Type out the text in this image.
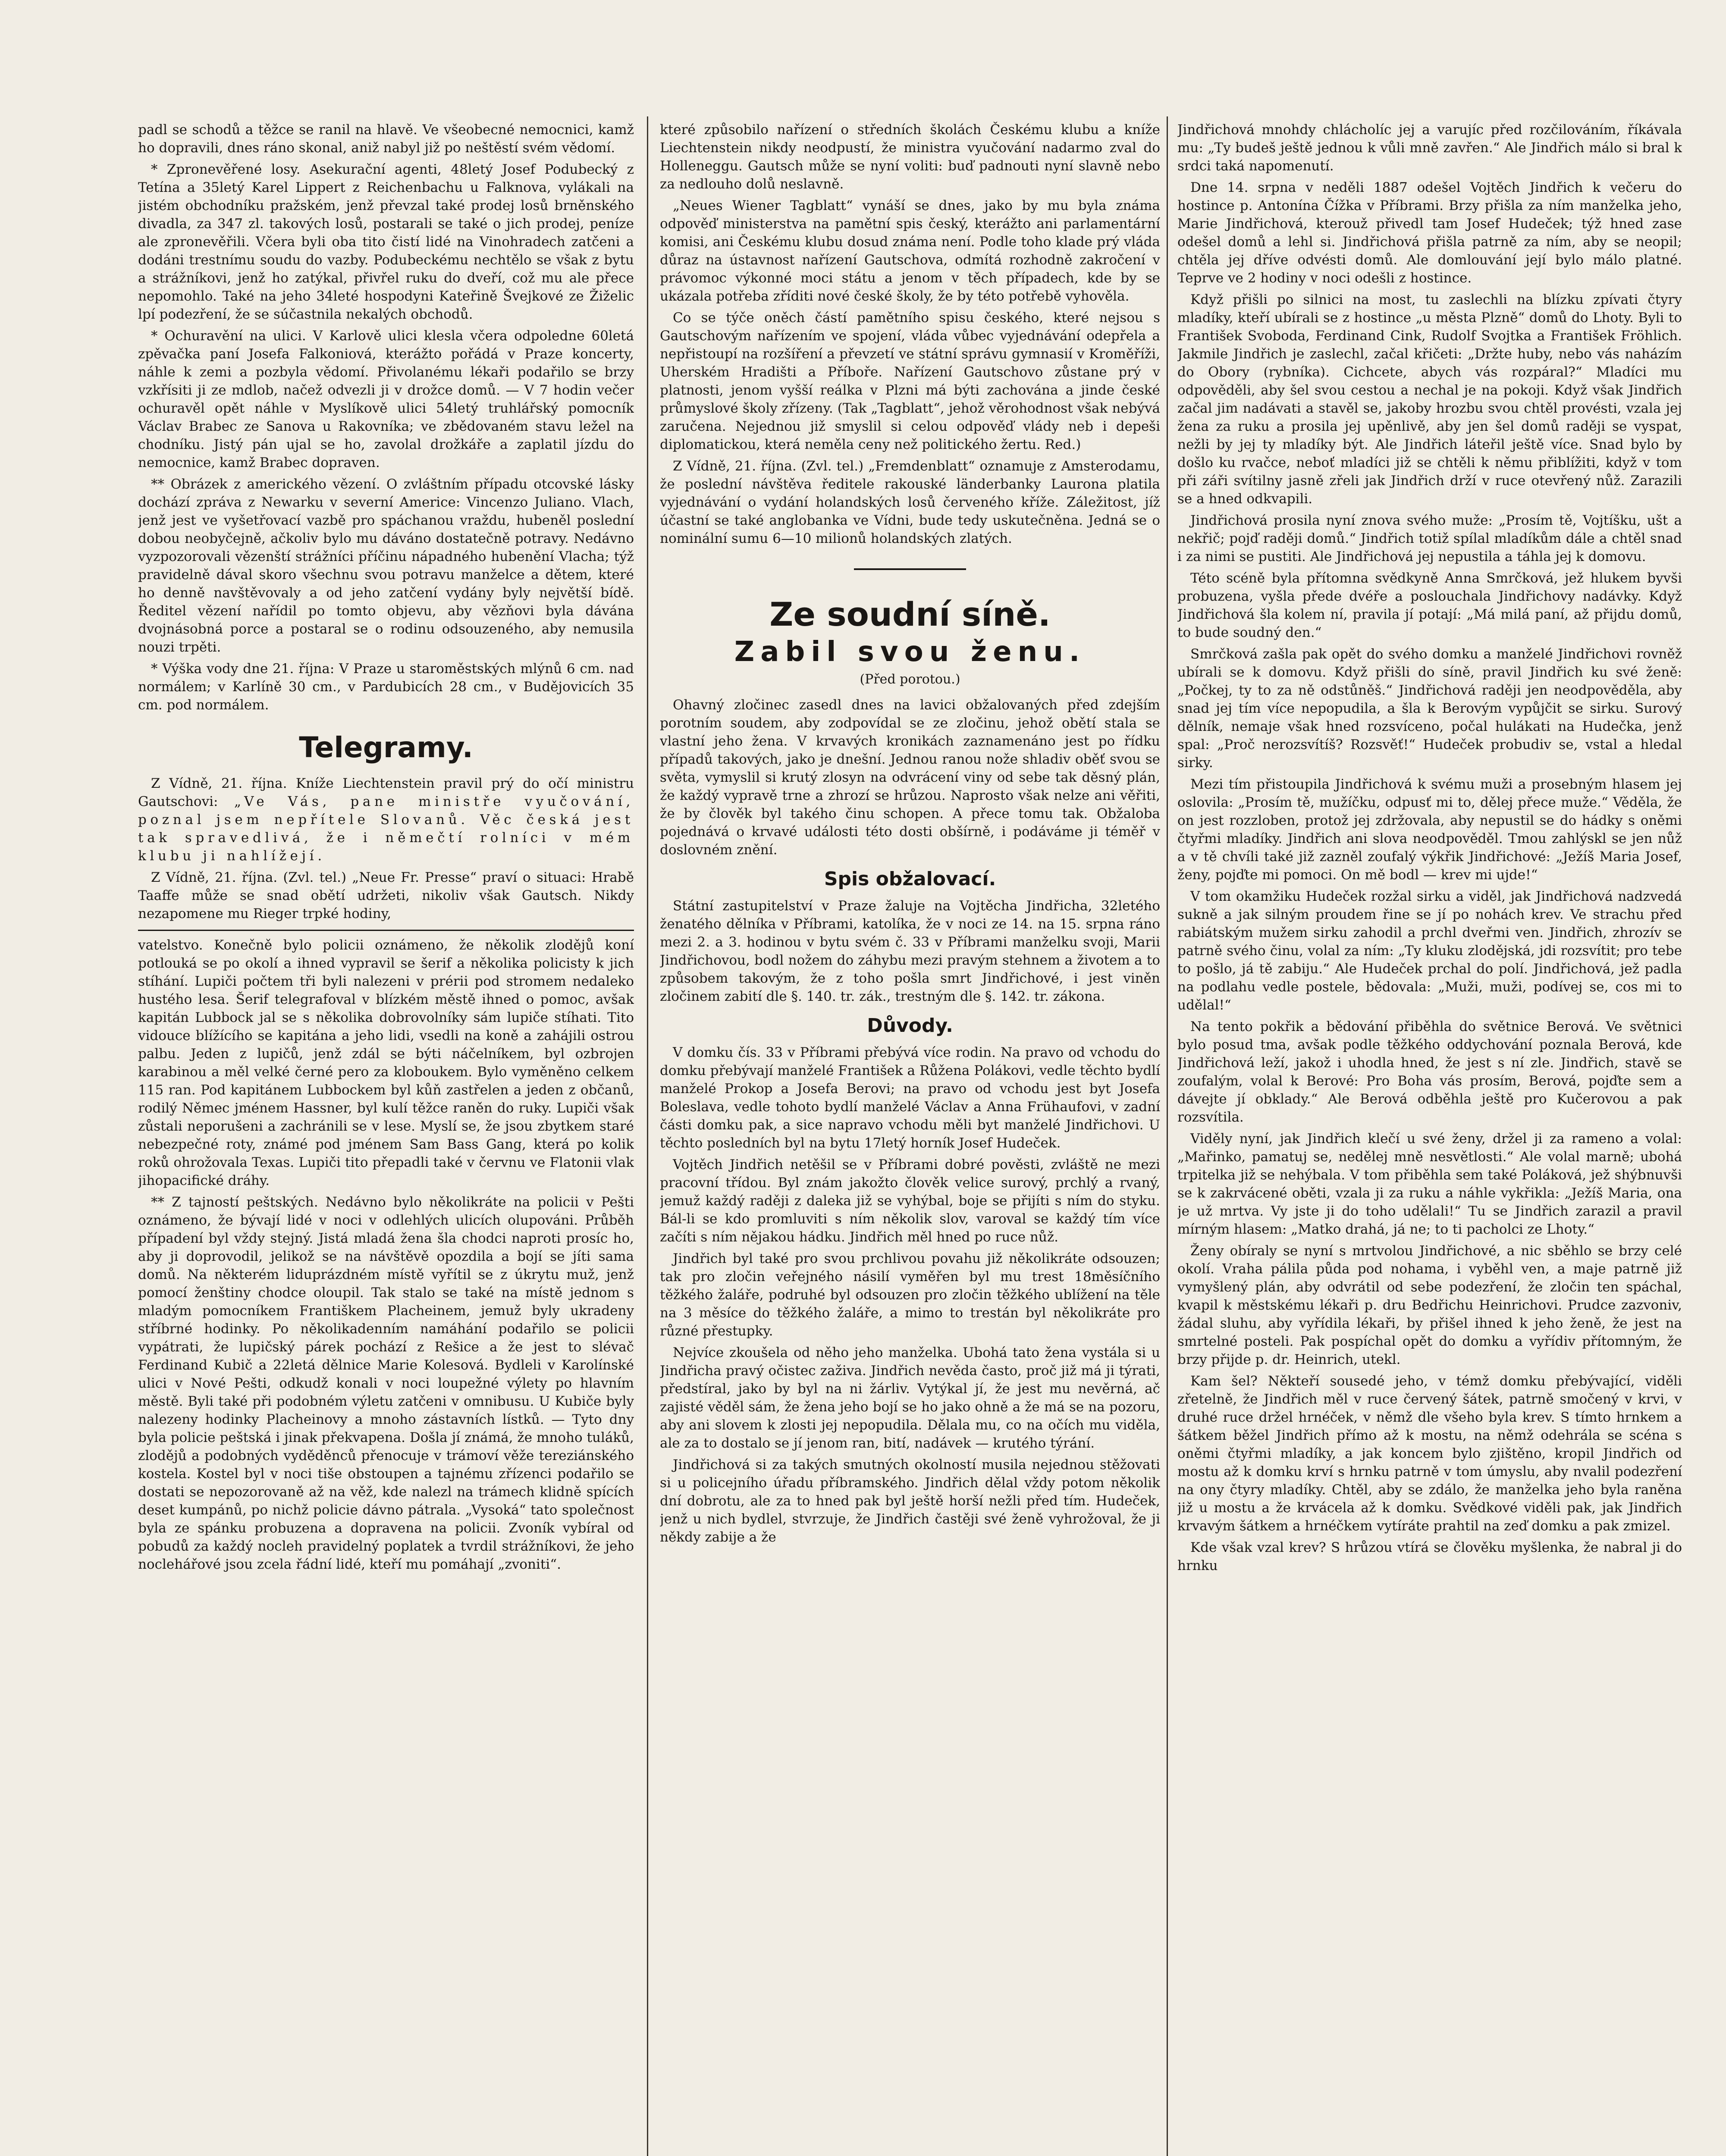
padl se schodů a těžce se ranil na hlavě. Ve všeobecné nemocnici, kamž ho dopravili, dnes ráno skonal, aniž nabyl již po neštěstí svém vědomí.

* Zpronevěřené losy. Asekurační agenti, 48letý Josef Podubecký z Tetína a 35letý Karel Lippert z Reichenbachu u Falknova, vylákali na jistém obchodníku pražském, jenž převzal také prodej losů brněnského divadla, za 347 zl. takových losů, postarali se také o jich prodej, peníze ale zpronevěřili. Včera byli oba tito čistí lidé na Vinohradech zatčeni a dodáni trestnímu soudu do vazby. Podubeckému nechtělo se však z bytu a strážníkovi, jenž ho zatýkal, přivřel ruku do dveří, což mu ale přece nepomohlo. Také na jeho 34leté hospodyni Kateřině Švejkové ze Žiželic lpí podezření, že se súčastnila nekalých obchodů.

* Ochuravění na ulici. V Karlově ulici klesla včera odpoledne 60letá zpěvačka paní Josefa Falkoniová, kterážto pořádá v Praze koncerty, náhle k zemi a pozbyla vědomí. Přivolanému lékaři podařilo se brzy vzkřísiti ji ze mdlob, načež odvezli ji v drožce domů. — V 7 hodin večer ochuravěl opět náhle v Myslíkově ulici 54letý truhlářský pomocník Václav Brabec ze Sanova u Rakovníka; ve zbědovaném stavu ležel na chodníku. Jistý pán ujal se ho, zavolal drožkáře a zaplatil jízdu do nemocnice, kamž Brabec dopraven.

** Obrázek z amerického vězení. O zvláštním případu otcovské lásky dochází zpráva z Newarku v severní Americe: Vincenzo Juliano. Vlach, jenž jest ve vyšetřovací vazbě pro spáchanou vraždu, hubeněl poslední dobou neobyčejně, ačkoliv bylo mu dáváno dostatečně potravy. Nedávno vyzpozorovali vězenští strážníci příčinu nápadného hubenění Vlacha; týž pravidelně dával skoro všechnu svou potravu manželce a dětem, které ho denně navštěvovaly a od jeho zatčení vydány byly největší bídě. Ředitel vězení nařídil po tomto objevu, aby vězňovi byla dávána dvojnásobná porce a postaral se o rodinu odsouzeného, aby nemusila nouzi trpěti.

* Výška vody dne 21. října: V Praze u staroměstských mlýnů 6 cm. nad normálem; v Karlíně 30 cm., v Pardubicích 28 cm., v Budějovicích 35 cm. pod normálem.

Telegramy.

Z Vídně, 21. října. Kníže Liechtenstein pravil prý do očí ministru Gautschovi: „Ve Vás, pane ministře vyučování, poznal jsem nepřítele Slovanů. Věc česká jest tak spravedlivá, že i němečtí rolníci v mém klubu ji nahlížejí.

Z Vídně, 21. října. (Zvl. tel.) „Neue Fr. Presse“ praví o situaci: Hrabě Taaffe může se snad obětí udržeti, nikoliv však Gautsch. Nikdy nezapomene mu Rieger trpké hodiny,

vatelstvo. Konečně bylo policii oznámeno, že několik zlodějů koní potlouká se po okolí a ihned vypravil se šerif a několika policisty k jich stíhání. Lupiči počtem tři byli nalezeni v prérii pod stromem nedaleko hustého lesa. Šerif telegrafoval v blízkém městě ihned o pomoc, avšak kapitán Lubbock jal se s několika dobrovolníky sám lupiče stíhati. Tito vidouce blížícího se kapitána a jeho lidi, vsedli na koně a zahájili ostrou palbu. Jeden z lupičů, jenž zdál se býti náčelníkem, byl ozbrojen karabinou a měl velké černé pero za kloboukem. Bylo vyměněno celkem 115 ran. Pod kapitánem Lubbockem byl kůň zastřelen a jeden z občanů, rodilý Němec jménem Hassner, byl kulí těžce raněn do ruky. Lupiči však zůstali neporušeni a zachránili se v lese. Myslí se, že jsou zbytkem staré nebezpečné roty, známé pod jménem Sam Bass Gang, která po kolik roků ohrožovala Texas. Lupiči tito přepadli také v červnu ve Flatonii vlak jihopacifické dráhy.

** Z tajností peštských. Nedávno bylo několikráte na policii v Pešti oznámeno, že bývají lidé v noci v odlehlých ulicích olupováni. Průběh případení byl vždy stejný. Jistá mladá žena šla chodci naproti prosíc ho, aby ji doprovodil, jelikož se na návštěvě opozdila a bojí se jíti sama domů. Na některém liduprázdném místě vyřítil se z úkrytu muž, jenž pomocí ženštiny chodce oloupil. Tak stalo se také na místě jednom s mladým pomocníkem Františkem Placheinem, jemuž byly ukradeny stříbrné hodinky. Po několikadenním namáhání podařilo se policii vypátrati, že lupičský párek pochází z Rešice a že jest to slévač Ferdinand Kubič a 22letá dělnice Marie Kolesová. Bydleli v Karolínské ulici v Nové Pešti, odkudž konali v noci loupežné výlety po hlavním městě. Byli také při podobném výletu zatčeni v omnibusu. U Kubiče byly nalezeny hodinky Placheinovy a mnoho zástavních lístků. — Tyto dny byla policie peštská i jinak překvapena. Došla jí známá, že mnoho tuláků, zlodějů a podobných vyděděnců přenocuje v trámoví věže tereziánského kostela. Kostel byl v noci tiše obstoupen a tajnému zřízenci podařilo se dostati se nepozorovaně až na věž, kde nalezl na trámech klidně spících deset kumpánů, po nichž policie dávno pátrala. „Vysoká“ tato společnost byla ze spánku probuzena a dopravena na policii. Zvoník vybíral od pobudů za každý nocleh pravidelný poplatek a tvrdil strážníkovi, že jeho noclehářové jsou zcela řádní lidé, kteří mu pomáhají „zvoniti“.

které způsobilo nařízení o středních školách Českému klubu a kníže Liechtenstein nikdy neodpustí, že ministra vyučování nadarmo zval do Holleneggu. Gautsch může se nyní voliti: buď padnouti nyní slavně nebo za nedlouho dolů neslavně.

„Neues Wiener Tagblatt“ vynáší se dnes, jako by mu byla známa odpověď ministerstva na pamětní spis český, kterážto ani parlamentární komisi, ani Českému klubu dosud známa není. Podle toho klade prý vláda důraz na ústavnost nařízení Gautschova, odmítá rozhodně zakročení v právomoc výkonné moci státu a jenom v těch případech, kde by se ukázala potřeba zříditi nové české školy, že by této potřebě vyhověla.

Co se týče oněch částí pamětního spisu českého, které nejsou s Gautschovým nařízením ve spojení, vláda vůbec vyjednávání odepřela a nepřistoupí na rozšíření a převzetí ve státní správu gymnasií v Kroměříži, Uherském Hradišti a Příboře. Nařízení Gautschovo zůstane prý v platnosti, jenom vyšší reálka v Plzni má býti zachována a jinde české průmyslové školy zřízeny. (Tak „Tagblatt“, jehož věrohodnost však nebývá zaručena. Nejednou již smyslil si celou odpověď vlády neb i depeši diplomatickou, která neměla ceny než politického žertu. Red.)

Z Vídně, 21. října. (Zvl. tel.) „Fremdenblatt“ oznamuje z Amsterodamu, že poslední návštěva ředitele rakouské länderbanky Laurona platila vyjednávání o vydání holandských losů červeného kříže. Záležitost, jíž účastní se také anglobanka ve Vídni, bude tedy uskutečněna. Jedná se o nominální sumu 6—10 milionů holandských zlatých.

Ze soudní síně.
Zabil svou ženu.
(Před porotou.)

Ohavný zločinec zasedl dnes na lavici obžalovaných před zdejším porotním soudem, aby zodpovídal se ze zločinu, jehož obětí stala se vlastní jeho žena. V krvavých kronikách zaznamenáno jest po řídku případů takových, jako je dnešní. Jednou ranou nože shladiv oběť svou se světa, vymyslil si krutý zlosyn na odvrácení viny od sebe tak děsný plán, že každý vypravě trne a zhrozí se hrůzou. Naprosto však nelze ani věřiti, že by člověk byl takého činu schopen. A přece tomu tak. Obžaloba pojednává o krvavé události této dosti obšírně, i podáváme ji téměř v doslovném znění.

Spis obžalovací.

Státní zastupitelství v Praze žaluje na Vojtěcha Jindřicha, 32letého ženatého dělníka v Příbrami, katolíka, že v noci ze 14. na 15. srpna ráno mezi 2. a 3. hodinou v bytu svém č. 33 v Příbrami manželku svoji, Marii Jindřichovou, bodl nožem do záhybu mezi pravým stehnem a životem a to způsobem takovým, že z toho pošla smrt Jindřichové, i jest viněn zločinem zabití dle §. 140. tr. zák., trestným dle §. 142. tr. zákona.

Důvody.

V domku čís. 33 v Příbrami přebývá více rodin. Na pravo od vchodu do domku přebývají manželé František a Růžena Polákovi, vedle těchto bydlí manželé Prokop a Josefa Berovi; na pravo od vchodu jest byt Josefa Boleslava, vedle tohoto bydlí manželé Václav a Anna Frühaufovi, v zadní části domku pak, a sice napravo vchodu měli byt manželé Jindřichovi. U těchto posledních byl na bytu 17letý horník Josef Hudeček.

Vojtěch Jindřich netěšil se v Příbrami dobré pověsti, zvláště ne mezi pracovní třídou. Byl znám jakožto člověk velice surový, prchlý a rvaný, jemuž každý raději z daleka již se vyhýbal, boje se přijíti s ním do styku. Bál-li se kdo promluviti s ním několik slov, varoval se každý tím více začíti s ním nějakou hádku. Jindřich měl hned po ruce nůž.

Jindřich byl také pro svou prchlivou povahu již několikráte odsouzen; tak pro zločin veřejného násilí vyměřen byl mu trest 18měsíčního těžkého žaláře, podruhé byl odsouzen pro zločin těžkého ublížení na těle na 3 měsíce do těžkého žaláře, a mimo to trestán byl několikráte pro různé přestupky.

Nejvíce zkoušela od něho jeho manželka. Ubohá tato žena vystála si u Jindřicha pravý očistec zaživa. Jindřich nevěda často, proč již má ji týrati, předstíral, jako by byl na ni žárliv. Vytýkal jí, že jest mu nevěrná, ač zajisté věděl sám, že žena jeho bojí se ho jako ohně a že má se na pozoru, aby ani slovem k zlosti jej nepopudila. Dělala mu, co na očích mu viděla, ale za to dostalo se jí jenom ran, bití, nadávek — krutého týrání.

Jindřichová si za takých smutných okolností musila nejednou stěžovati si u policejního úřadu příbramského. Jindřich dělal vždy potom několik dní dobrotu, ale za to hned pak byl ještě horší nežli před tím. Hudeček, jenž u nich bydlel, stvrzuje, že Jindřich častěji své ženě vyhrožoval, že ji někdy zabije a že

Jindřichová mnohdy chlácholíc jej a varujíc před rozčilováním, říkávala mu: „Ty budeš ještě jednou k vůli mně zavřen.“ Ale Jindřich málo si bral k srdci taká napomenutí.

Dne 14. srpna v neděli 1887 odešel Vojtěch Jindřich k večeru do hostince p. Antonína Čížka v Příbrami. Brzy přišla za ním manželka jeho, Marie Jindřichová, kterouž přivedl tam Josef Hudeček; týž hned zase odešel domů a lehl si. Jindřichová přišla patrně za ním, aby se neopil; chtěla jej dříve odvésti domů. Ale domlouvání její bylo málo platné. Teprve ve 2 hodiny v noci odešli z hostince.

Když přišli po silnici na most, tu zaslechli na blízku zpívati čtyry mladíky, kteří ubírali se z hostince „u města Plzně“ domů do Lhoty. Byli to František Svoboda, Ferdinand Cink, Rudolf Svojtka a František Fröhlich. Jakmile Jindřich je zaslechl, začal křičeti: „Držte huby, nebo vás naházím do Obory (rybníka). Cichcete, abych vás rozpáral?“ Mladíci mu odpověděli, aby šel svou cestou a nechal je na pokoji. Když však Jindřich začal jim nadávati a stavěl se, jakoby hrozbu svou chtěl provésti, vzala jej žena za ruku a prosila jej upěnlivě, aby jen šel domů raději se vyspat, nežli by jej ty mladíky být. Ale Jindřich láteřil ještě více. Snad bylo by došlo ku rvačce, neboť mladíci již se chtěli k němu přiblížiti, když v tom při záři svítilny jasně zřeli jak Jindřich drží v ruce otevřený nůž. Zarazili se a hned odkvapili.

Jindřichová prosila nyní znova svého muže: „Prosím tě, Vojtíšku, ušt a nekřič; pojď raději domů.“ Jindřich totiž spílal mladíkům dále a chtěl snad i za nimi se pustiti. Ale Jindřichová jej nepustila a táhla jej k domovu.

Této scéně byla přítomna svědkyně Anna Smrčková, jež hlukem byvši probuzena, vyšla přede dvéře a poslouchala Jindřichovy nadávky. Když Jindřichová šla kolem ní, pravila jí potají: „Má milá paní, až přijdu domů, to bude soudný den.“

Smrčková zašla pak opět do svého domku a manželé Jindřichovi rovněž ubírali se k domovu. Když přišli do síně, pravil Jindřich ku své ženě: „Počkej, ty to za ně odstůněš.“ Jindřichová raději jen neodpověděla, aby snad jej tím více nepopudila, a šla k Berovým vypůjčit se sirku. Surový dělník, nemaje však hned rozsvíceno, počal hulákati na Hudečka, jenž spal: „Proč nerozsvítíš? Rozsvěť!“ Hudeček probudiv se, vstal a hledal sirky.

Mezi tím přistoupila Jindřichová k svému muži a prosebným hlasem jej oslovila: „Prosím tě, mužíčku, odpusť mi to, dělej přece muže.“ Věděla, že on jest rozzloben, protož jej zdržovala, aby nepustil se do hádky s oněmi čtyřmi mladíky. Jindřich ani slova neodpověděl. Tmou zahlýskl se jen nůž a v tě chvíli také již zazněl zoufalý výkřik Jindřichové: „Ježíš Maria Josef, ženy, pojďte mi pomoci. On mě bodl — krev mi ujde!“

V tom okamžiku Hudeček rozžal sirku a viděl, jak Jindřichová nadzvedá sukně a jak silným proudem řine se jí po nohách krev. Ve strachu před rabiátským mužem sirku zahodil a prchl dveřmi ven. Jindřich, zhrozív se patrně svého činu, volal za ním: „Ty kluku zlodějská, jdi rozsvítit; pro tebe to pošlo, já tě zabiju.“ Ale Hudeček prchal do polí. Jindřichová, jež padla na podlahu vedle postele, bědovala: „Muži, muži, podívej se, cos mi to udělal!“

Na tento pokřik a bědování přiběhla do světnice Berová. Ve světnici bylo posud tma, avšak podle těžkého oddychování poznala Berová, kde Jindřichová leží, jakož i uhodla hned, že jest s ní zle. Jindřich, stavě se zoufalým, volal k Berové: Pro Boha vás prosím, Berová, pojďte sem a dávejte jí obklady.“ Ale Berová odběhla ještě pro Kučerovou a pak rozsvítila.

Viděly nyní, jak Jindřich klečí u své ženy, držel ji za rameno a volal: „Mařinko, pamatuj se, nedělej mně nesvětlosti.“ Ale volal marně; ubohá trpitelka již se nehýbala. V tom přiběhla sem také Poláková, jež shýbnuvši se k zakrvácené oběti, vzala ji za ruku a náhle vykřikla: „Ježíš Maria, ona je už mrtva. Vy jste ji do toho udělali!“ Tu se Jindřich zarazil a pravil mírným hlasem: „Matko drahá, já ne; to ti pacholci ze Lhoty.“

Ženy obíraly se nyní s mrtvolou Jindřichové, a nic sběhlo se brzy celé okolí. Vraha pálila půda pod nohama, i vyběhl ven, a maje patrně již vymyšlený plán, aby odvrátil od sebe podezření, že zločin ten spáchal, kvapil k městskému lékaři p. dru Bedřichu Heinrichovi. Prudce zazvoniv, žádal sluhu, aby vyřídila lékaři, by přišel ihned k jeho ženě, že jest na smrtelné posteli. Pak pospíchal opět do domku a vyřídiv přítomným, že brzy přijde p. dr. Heinrich, utekl.

Kam šel? Někteří sousedé jeho, v témž domku přebývající, viděli zřetelně, že Jindřich měl v ruce červený šátek, patrně smočený v krvi, v druhé ruce držel hrnéček, v němž dle všeho byla krev. S tímto hrnkem a šátkem běžel Jindřich přímo až k mostu, na němž odehrála se scéna s oněmi čtyřmi mladíky, a jak koncem bylo zjištěno, kropil Jindřich od mostu až k domku krví s hrnku patrně v tom úmyslu, aby nvalil podezření na ony čtyry mladíky. Chtěl, aby se zdálo, že manželka jeho byla raněna již u mostu a že krvácela až k domku. Svědkové viděli pak, jak Jindřich krvavým šátkem a hrnéčkem vytíráte prahtil na zeď domku a pak zmizel.

Kde však vzal krev? S hrůzou vtírá se člověku myšlenka, že nabral ji do hrnku
